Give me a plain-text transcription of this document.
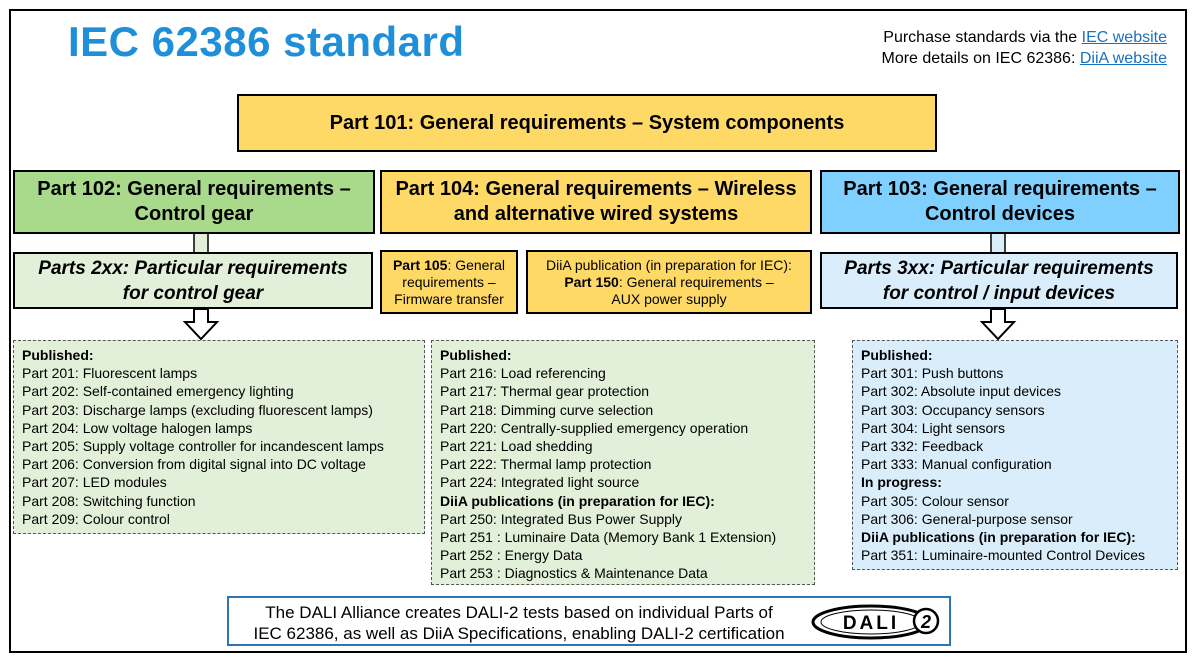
IEC 62386 standard	Purchase standards via the IEC website
More details on IEC 62386: DiiA website
Part 101: General requirements – System components
Part 102: General requirements –
Control gear
Part 104: General requirements – Wireless
and alternative wired systems
Part 103: General requirements –
Control devices
Parts 2xx: Particular requirements
for control gear
Part 105: General
requirements –
Firmware transfer
DiiA publication (in preparation for IEC):
Part 150: General requirements –
AUX power supply
Parts 3xx: Particular requirements
for control / input devices
Published:
Part 201: Fluorescent lamps
Part 202: Self-contained emergency lighting
Part 203: Discharge lamps (excluding fluorescent lamps)
Part 204: Low voltage halogen lamps
Part 205: Supply voltage controller for incandescent lamps
Part 206: Conversion from digital signal into DC voltage
Part 207: LED modules
Part 208: Switching function
Part 209: Colour control
Published:
Part 216: Load referencing
Part 217: Thermal gear protection
Part 218: Dimming curve selection
Part 220: Centrally-supplied emergency operation
Part 221: Load shedding
Part 222: Thermal lamp protection
Part 224: Integrated light source
DiiA publications (in preparation for IEC):
Part 250: Integrated Bus Power Supply
Part 251 : Luminaire Data (Memory Bank 1 Extension)
Part 252 : Energy Data
Part 253 : Diagnostics & Maintenance Data
Published:
Part 301: Push buttons
Part 302: Absolute input devices
Part 303: Occupancy sensors
Part 304: Light sensors
Part 332: Feedback
Part 333: Manual configuration
In progress:
Part 305: Colour sensor
Part 306: General-purpose sensor
DiiA publications (in preparation for IEC):
Part 351: Luminaire-mounted Control Devices
The DALI Alliance creates DALI-2 tests based on individual Parts of
IEC 62386, as well as DiiA Specifications, enabling DALI-2 certification	DALI 2
